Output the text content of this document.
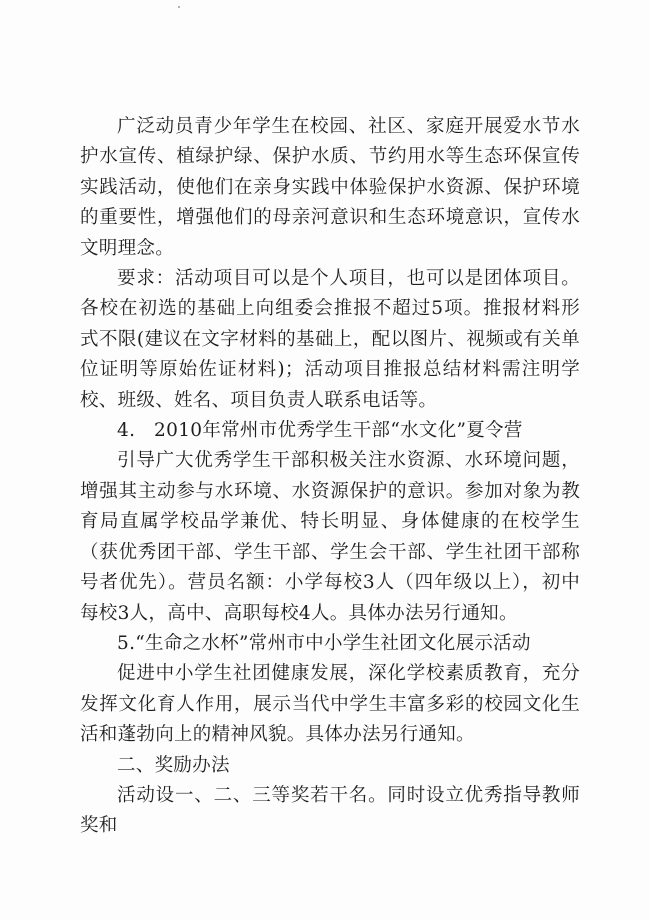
广泛动员青少年学生在校园、社区、家庭开展爱水节水护水宣传、植绿护绿、保护水质、节约用水等生态环保宣传实践活动，使他们在亲身实践中体验保护水资源、保护环境的重要性，增强他们的母亲河意识和生态环境意识，宣传水文明理念。

要求：活动项目可以是个人项目，也可以是团体项目。各校在初选的基础上向组委会推报不超过5项。推报材料形式不限(建议在文字材料的基础上，配以图片、视频或有关单位证明等原始佐证材料)；活动项目推报总结材料需注明学校、班级、姓名、项目负责人联系电话等。

4.　2010年常州市优秀学生干部“水文化”夏令营

引导广大优秀学生干部积极关注水资源、水环境问题，增强其主动参与水环境、水资源保护的意识。参加对象为教育局直属学校品学兼优、特长明显、身体健康的在校学生（获优秀团干部、学生干部、学生会干部、学生社团干部称号者优先）。营员名额：小学每校3人（四年级以上），初中每校3人，高中、高职每校4人。具体办法另行通知。

5.“生命之水杯”常州市中小学生社团文化展示活动

促进中小学生社团健康发展，深化学校素质教育，充分发挥文化育人作用，展示当代中学生丰富多彩的校园文化生活和蓬勃向上的精神风貌。具体办法另行通知。

二、奖励办法

活动设一、二、三等奖若干名。同时设立优秀指导教师奖和
